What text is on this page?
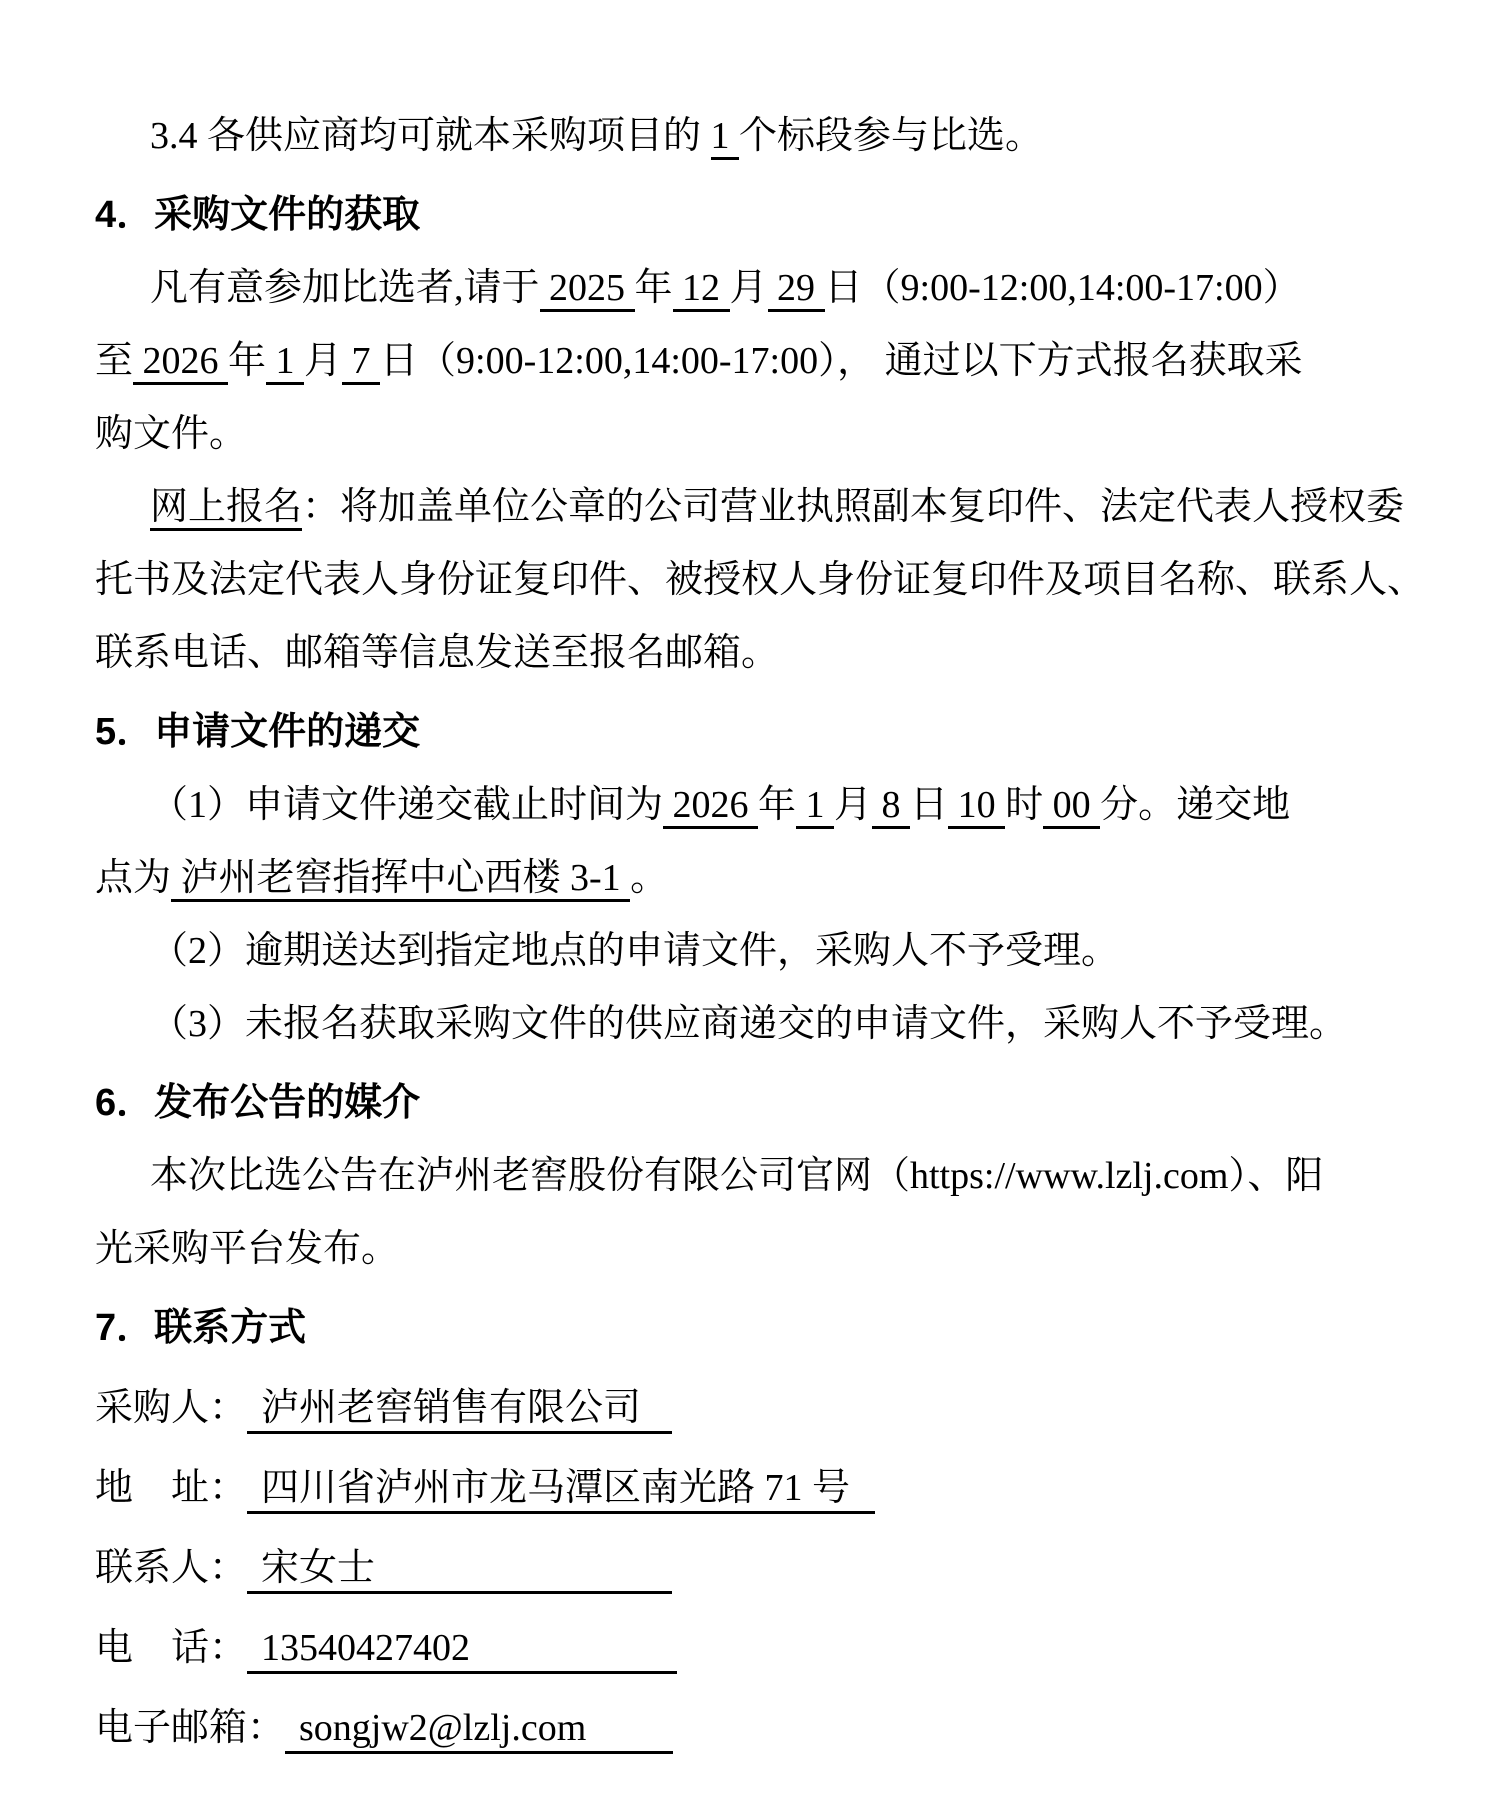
3.4 各供应商均可就本采购项目的 1 个标段参与比选。

4．采购文件的获取

凡有意参加比选者,请于 2025 年 12 月 29 日（9:00-12:00,14:00-17:00）

至 2026 年 1 月 7 日（9:00-12:00,14:00-17:00）， 通过以下方式报名获取采

购文件。

网上报名：将加盖单位公章的公司营业执照副本复印件、法定代表人授权委

托书及法定代表人身份证复印件、被授权人身份证复印件及项目名称、联系人、

联系电话、邮箱等信息发送至报名邮箱。

5．申请文件的递交

（1）申请文件递交截止时间为 2026 年 1 月 8 日 10 时 00 分。递交地

点为 泸州老窖指挥中心西楼 3-1 。

（2）逾期送达到指定地点的申请文件，采购人不予受理。

（3）未报名获取采购文件的供应商递交的申请文件，采购人不予受理。

6．发布公告的媒介

本次比选公告在泸州老窖股份有限公司官网（https://www.lzlj.com）、阳

光采购平台发布。

7．联系方式

采购人： 泸州老窖销售有限公司

地　址： 四川省泸州市龙马潭区南光路 71 号

联系人： 宋女士

电　话： 13540427402

电子邮箱： songjw2@lzlj.com
